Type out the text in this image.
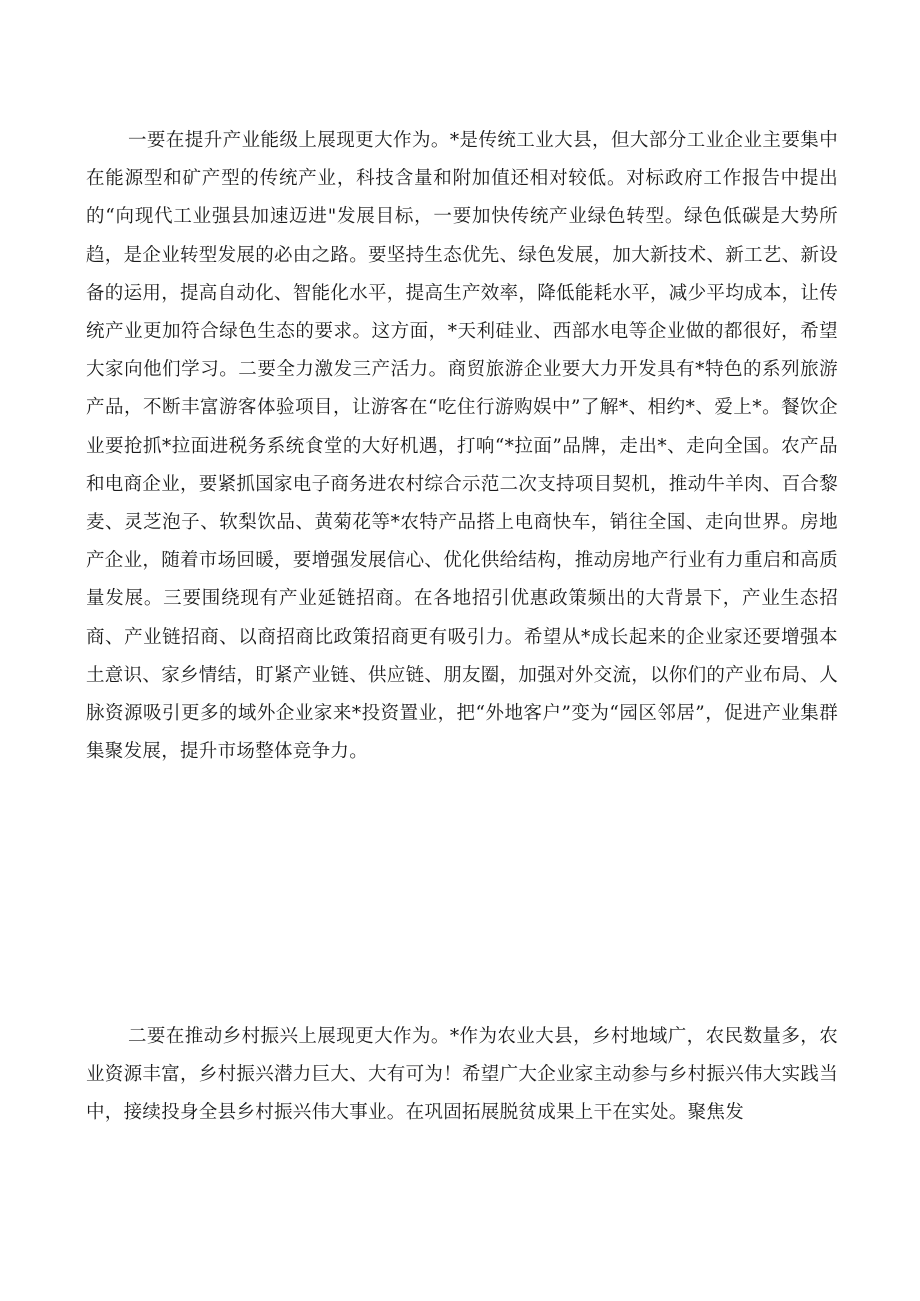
一要在提升产业能级上展现更大作为。*是传统工业大县，但大部分工业企业主要集中在能源型和矿产型的传统产业，科技含量和附加值还相对较低。对标政府工作报告中提出的“向现代工业强县加速迈进"发展目标，一要加快传统产业绿色转型。绿色低碳是大势所趋，是企业转型发展的必由之路。要坚持生态优先、绿色发展，加大新技术、新工艺、新设备的运用，提高自动化、智能化水平，提高生产效率，降低能耗水平，减少平均成本，让传统产业更加符合绿色生态的要求。这方面，*天利硅业、西部水电等企业做的都很好，希望大家向他们学习。二要全力激发三产活力。商贸旅游企业要大力开发具有*特色的系列旅游产品，不断丰富游客体验项目，让游客在“吃住行游购娱中”了解*、相约*、爱上*。餐饮企业要抢抓*拉面进税务系统食堂的大好机遇，打响“*拉面”品牌，走出*、走向全国。农产品和电商企业，要紧抓国家电子商务进农村综合示范二次支持项目契机，推动牛羊肉、百合黎麦、灵芝泡子、软梨饮品、黄菊花等*农特产品搭上电商快车，销往全国、走向世界。房地产企业，随着市场回暖，要增强发展信心、优化供给结构，推动房地产行业有力重启和高质量发展。三要围绕现有产业延链招商。在各地招引优惠政策频出的大背景下，产业生态招商、产业链招商、以商招商比政策招商更有吸引力。希望从*成长起来的企业家还要增强本土意识、家乡情结，盯紧产业链、供应链、朋友圈，加强对外交流，以你们的产业布局、人脉资源吸引更多的域外企业家来*投资置业，把“外地客户”变为“园区邻居”，促进产业集群集聚发展，提升市场整体竞争力。

二要在推动乡村振兴上展现更大作为。*作为农业大县，乡村地域广，农民数量多，农业资源丰富，乡村振兴潜力巨大、大有可为！希望广大企业家主动参与乡村振兴伟大实践当中，接续投身全县乡村振兴伟大事业。在巩固拓展脱贫成果上干在实处。聚焦发
